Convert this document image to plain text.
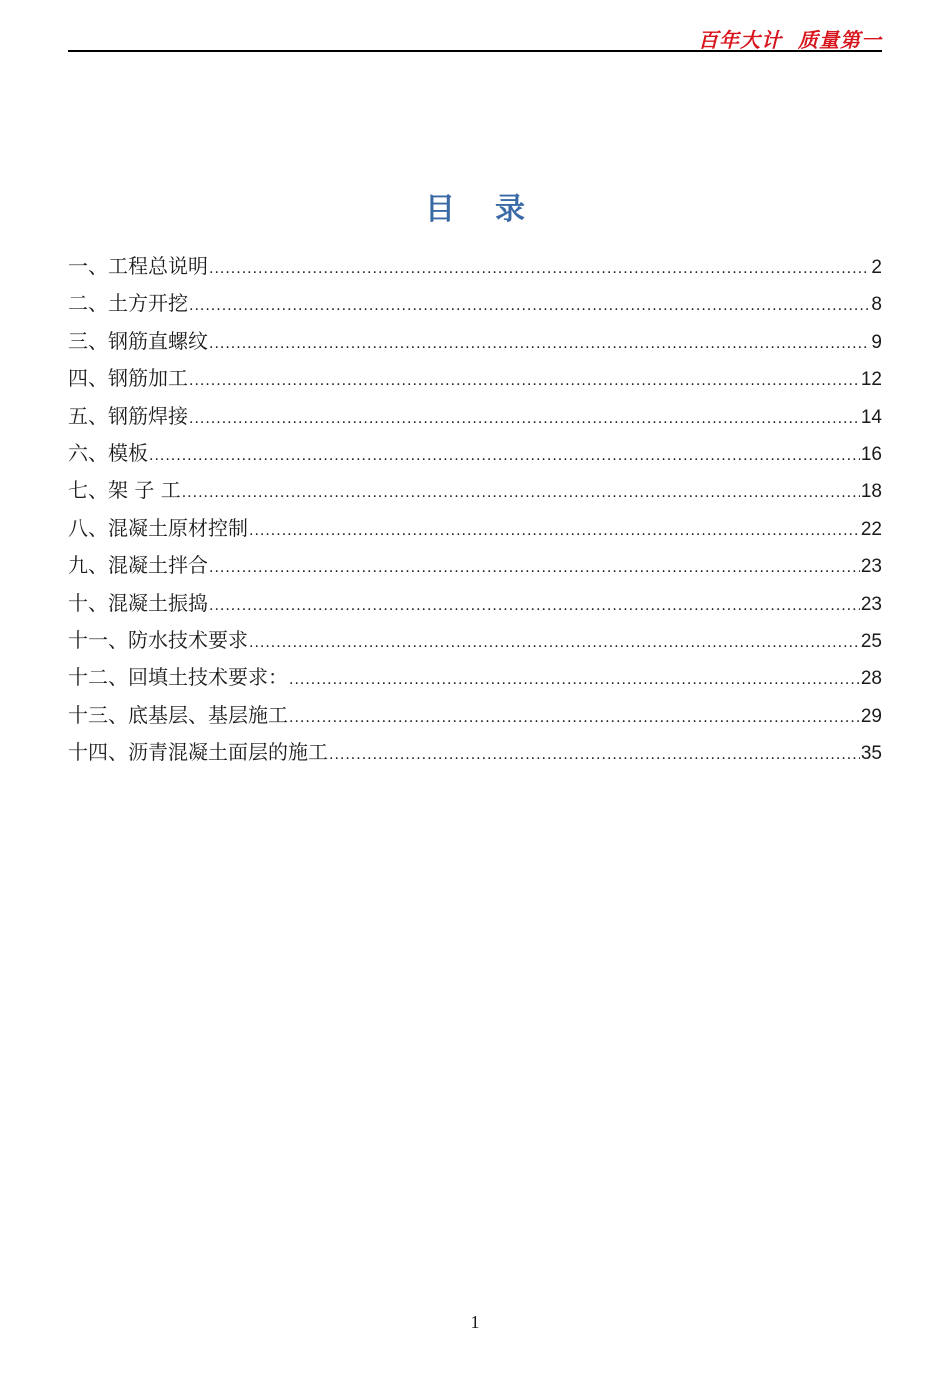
百年大计  质量第一
目录
一、工程总说明 .....	2
二、土方开挖 .....	8
三、钢筋直螺纹 .....	9
四、钢筋加工 .....	12
五、钢筋焊接 .....	14
六、模板 .....	16
七、架 子 工 .....	18
八、混凝土原材控制 .....	22
九、混凝土拌合 .....	23
十、混凝土振捣 .....	23
十一、防水技术要求 .....	25
十二、回填土技术要求： .....	28
十三、底基层、基层施工 .....	29
十四、沥青混凝土面层的施工 .....	35
1
